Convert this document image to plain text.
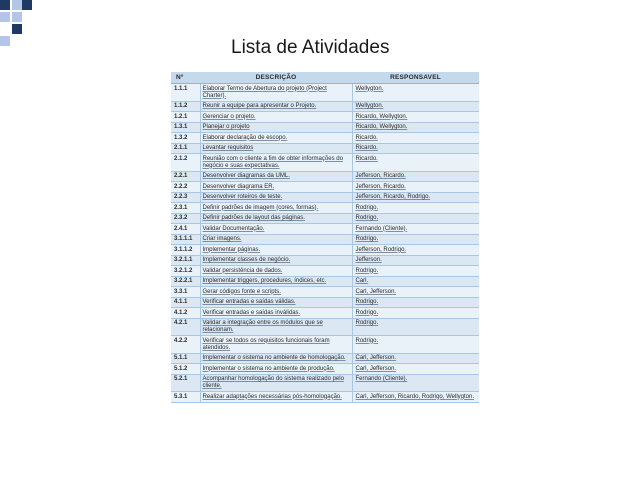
Lista de Atividades
Nº	DESCRIÇÃO	RESPONSAVEL
1.1.1	Elaborar Termo de Abertura do projeto (Project Charter).	Wellygton.
1.1.2	Reunir a equipe para apresentar o Projeto.	Wellygton.
1.2.1	Gerenciar o projeto.	Ricardo, Wellygton.
1.3.1	Planejar o projeto	Ricardo, Wellygton.
1.3.2	Elaborar declaração de escopo.	Ricardo.
2.1.1	Levantar requisitos	Ricardo.
2.1.2	Reunião com o cliente a fim de obter informações do negócio e suas expectativas.	Ricardo.
2.2.1	Desenvolver diagramas da UML.	Jefferson, Ricardo.
2.2.2	Desenvolver diagrama ER.	Jefferson, Ricardo.
2.2.3	Desenvolver roteiros de teste.	Jefferson, Ricardo, Rodrigo.
2.3.1	Definir padrões de imagem (cores, formas).	Rodrigo.
2.3.2	Definir padrões de layout das páginas.	Rodrigo.
2.4.1	Validar Documentação.	Fernando (Cliente).
3.1.1.1	Criar imagens.	Rodrigo.
3.1.1.2	Implementar páginas.	Jefferson, Rodrigo.
3.2.1.1	Implementar classes de negócio.	Jefferson.
3.2.1.2	Validar persistência de dados.	Rodrigo.
3.2.2.1	Implementar triggers, procedures, índices, etc.	Carl.
3.3.1	Gerar códigos fonte e scripts.	Carl, Jefferson.
4.1.1	Verificar entradas e saídas válidas.	Rodrigo.
4.1.2	Verificar entradas e saídas inválidas.	Rodrigo.
4.2.1	Validar a integração entre os módulos que se relacionam.	Rodrigo.
4.2.2	Verificar se todos os requisitos funcionais foram atendidos.	Rodrigo.
5.1.1	Implementar o sistema no ambiente de homologação.	Carl, Jefferson.
5.1.2	Implementar o sistema no ambiente de produção.	Carl, Jefferson.
5.2.1	Acompanhar homologação do sistema realizado pelo cliente.	Fernando (Cliente).
5.3.1	Realizar adaptações necessárias pós-homologação.	Carl, Jefferson, Ricardo, Rodrigo, Wellygton.
